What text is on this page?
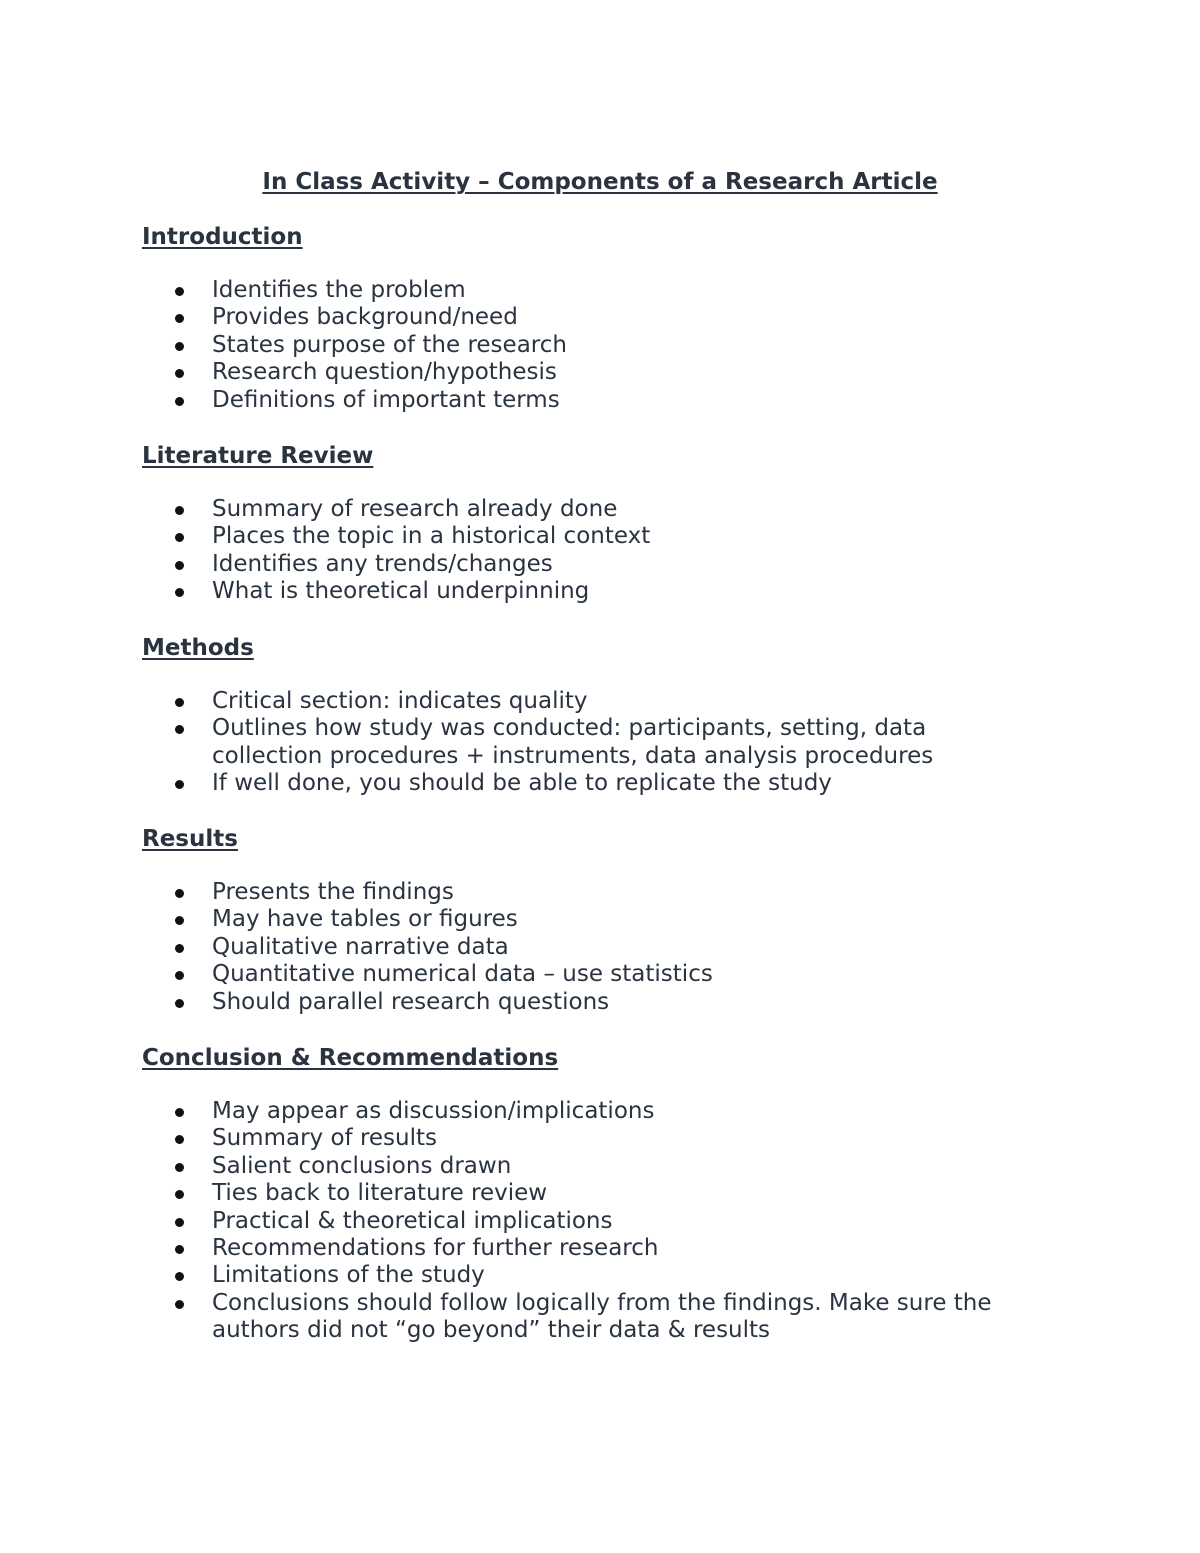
In Class Activity – Components of a Research Article
Introduction
Identifies the problem
Provides background/need
States purpose of the research
Research question/hypothesis
Definitions of important terms
Literature Review
Summary of research already done
Places the topic in a historical context
Identifies any trends/changes
What is theoretical underpinning
Methods
Critical section: indicates quality
Outlines how study was conducted: participants, setting, data collection procedures + instruments, data analysis procedures
If well done, you should be able to replicate the study
Results
Presents the findings
May have tables or figures
Qualitative narrative data
Quantitative numerical data – use statistics
Should parallel research questions
Conclusion & Recommendations
May appear as discussion/implications
Summary of results
Salient conclusions drawn
Ties back to literature review
Practical & theoretical implications
Recommendations for further research
Limitations of the study
Conclusions should follow logically from the findings. Make sure the authors did not “go beyond” their data & results
